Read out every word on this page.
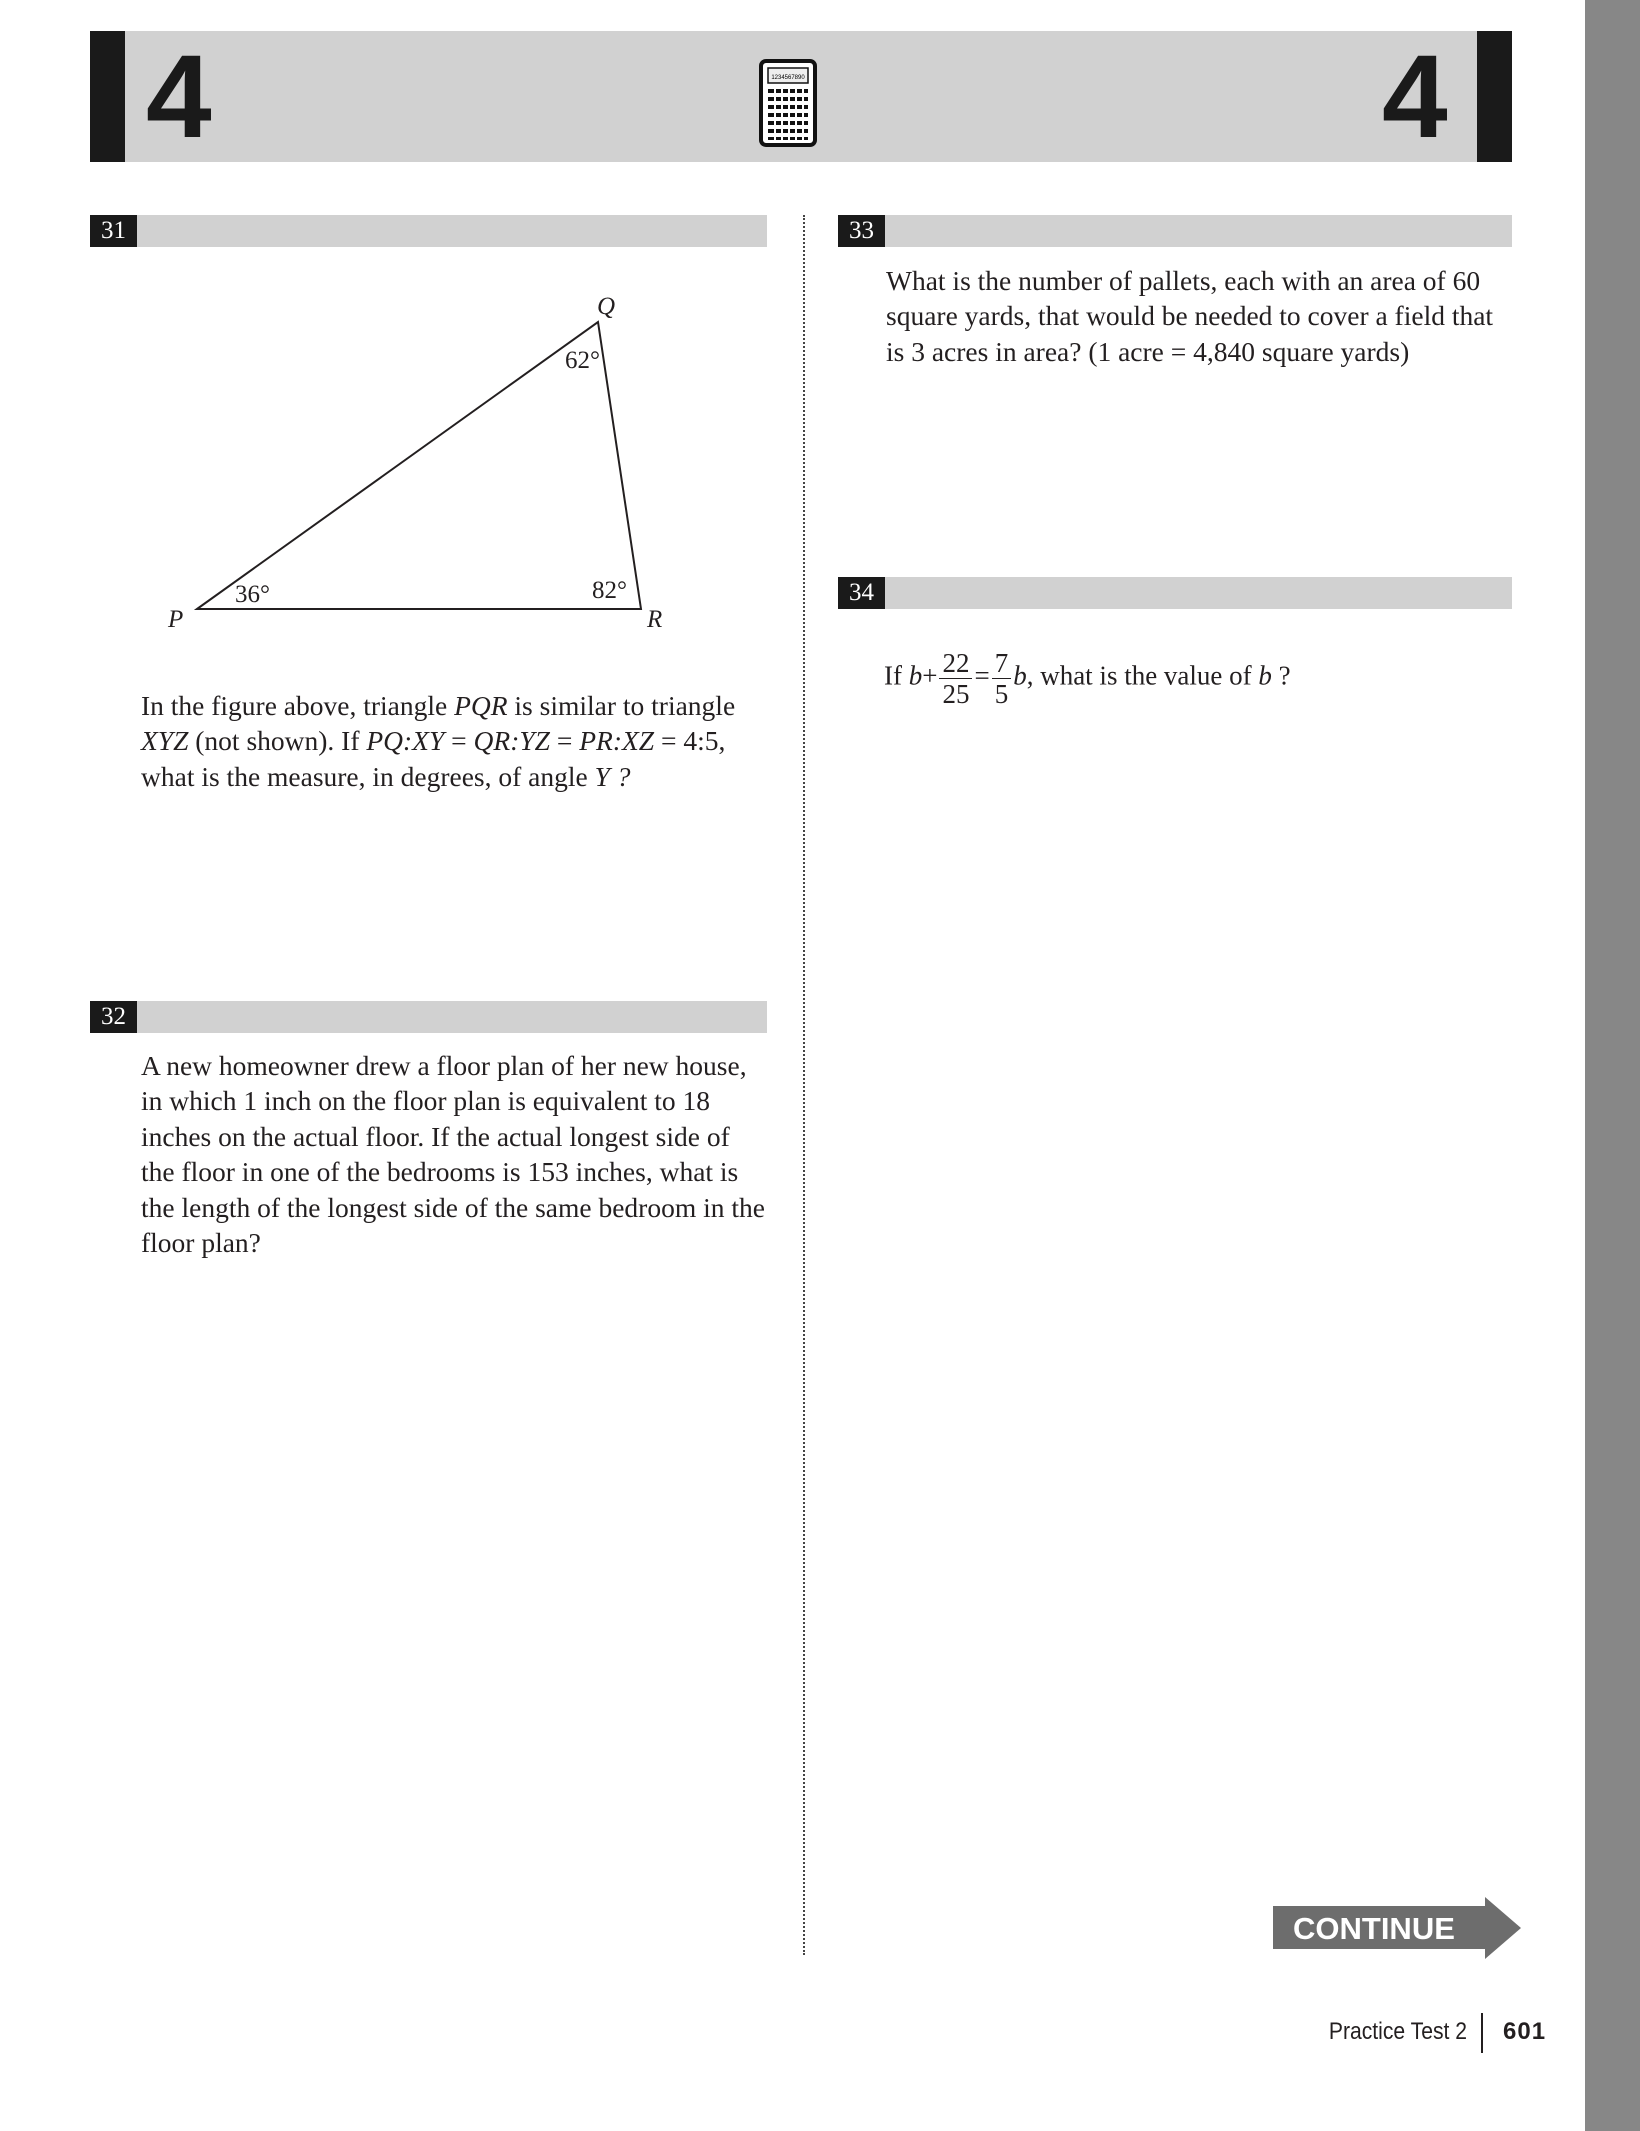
4	4
1234567890
31
P
Q
R
36°
62°
82°
In the figure above, triangle PQR is similar to triangle
XYZ (not shown). If PQ:XY = QR:YZ = PR:XZ = 4:5, what is the measure, in degrees, of angle Y ?
32
A new homeowner drew a floor plan of her new house, in which 1 inch on the floor plan is equivalent to 18 inches on the actual floor. If the actual longest side of the floor in one of the bedrooms is 153 inches, what is the length of the longest side of the same bedroom in the floor plan?
33
What is the number of pallets, each with an area of 60 square yards, that would be needed to cover a field that is 3 acres in area? (1 acre = 4,840 square yards)
34
If $b+ \frac{22}{25} = \frac{7}{5} b$, what is the value of b ?
CONTINUE
Practice Test 2 601
